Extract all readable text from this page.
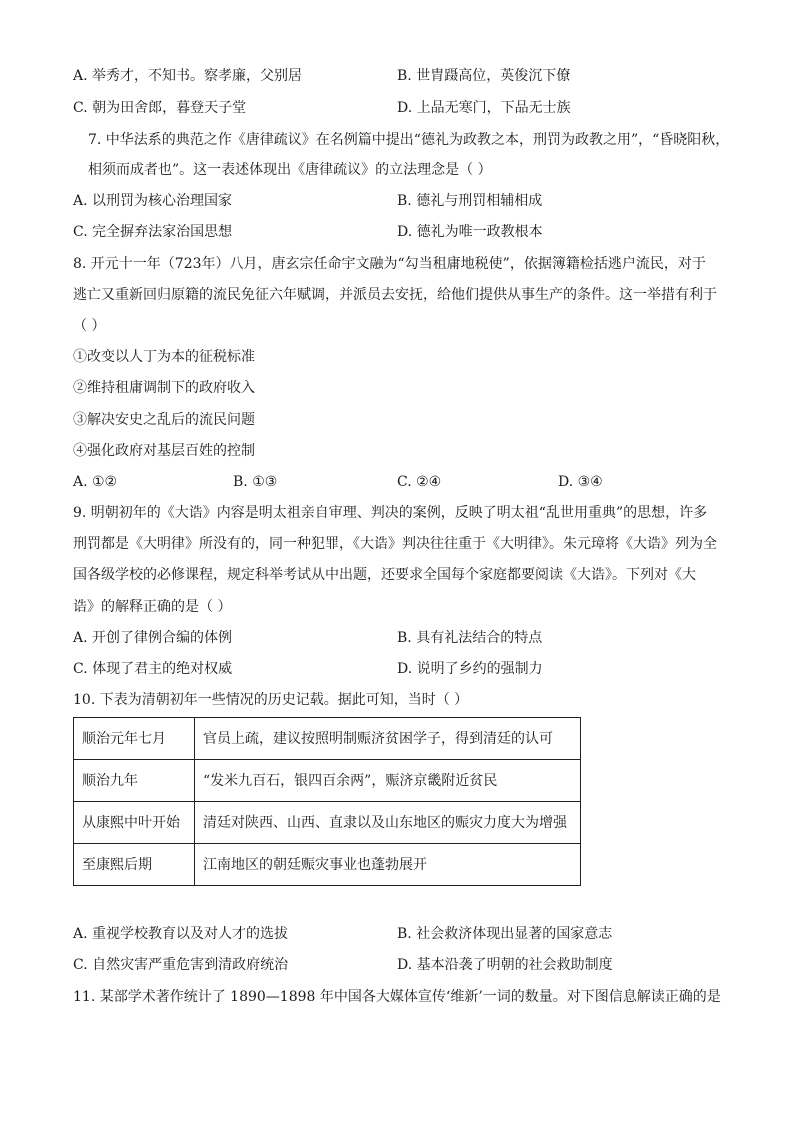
A. 举秀才，不知书。察孝廉，父别居	B. 世胄蹑高位，英俊沉下僚
C. 朝为田舍郎，暮登天子堂	D. 上品无寒门，下品无士族
7. 中华法系的典范之作《唐律疏议》在名例篇中提出“德礼为政教之本，刑罚为政教之用”，“昏晓阳秋，
相须而成者也”。这一表述体现出《唐律疏议》的立法理念是（ ）
A. 以刑罚为核心治理国家	B. 德礼与刑罚相辅相成
C. 完全摒弃法家治国思想	D. 德礼为唯一政教根本
8. 开元十一年（723年）八月，唐玄宗任命宇文融为“勾当租庸地税使”，依据簿籍检括逃户流民，对于
逃亡又重新回归原籍的流民免征六年赋调，并派员去安抚，给他们提供从事生产的条件。这一举措有利于
（ ）
①改变以人丁为本的征税标准
②维持租庸调制下的政府收入
③解决安史之乱后的流民问题
④强化政府对基层百姓的控制
A. ①②	B. ①③	C. ②④	D. ③④
9. 明朝初年的《大诰》内容是明太祖亲自审理、判决的案例，反映了明太祖“乱世用重典”的思想，许多
刑罚都是《大明律》所没有的，同一种犯罪，《大诰》判决往往重于《大明律》。朱元璋将《大诰》列为全
国各级学校的必修课程，规定科举考试从中出题，还要求全国每个家庭都要阅读《大诰》。下列对《大
诰》的解释正确的是（ ）
A. 开创了律例合编的体例	B. 具有礼法结合的特点
C. 体现了君主的绝对权威	D. 说明了乡约的强制力
10. 下表为清朝初年一些情况的历史记载。据此可知，当时（ ）
顺治元年七月	官员上疏，建议按照明制赈济贫困学子，得到清廷的认可
顺治九年	“发米九百石，银四百余两”，赈济京畿附近贫民
从康熙中叶开始	清廷对陕西、山西、直隶以及山东地区的赈灾力度大为增强
至康熙后期	江南地区的朝廷赈灾事业也蓬勃展开
A. 重视学校教育以及对人才的选拔	B. 社会救济体现出显著的国家意志
C. 自然灾害严重危害到清政府统治	D. 基本沿袭了明朝的社会救助制度
11. 某部学术著作统计了 1890—1898 年中国各大媒体宣传‘维新’一词的数量。对下图信息解读正确的是
